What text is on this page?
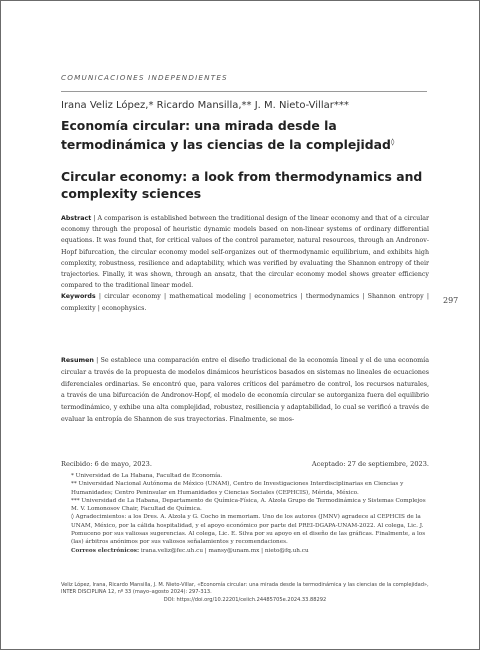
COMUNICACIONES INDEPENDIENTES
Irana Veliz López,* Ricardo Mansilla,** J. M. Nieto-Villar***
Economía circular: una mirada desde la termodinámica y las ciencias de la complejidad◊
Circular economy: a look from thermodynamics and complexity sciences
Abstract | A comparison is established between the traditional design of the linear economy and that of a circular economy through the proposal of heuristic dynamic models based on non-linear systems of ordinary differential equations. It was found that, for critical values of the control parameter, natural resources, through an Andronov-Hopf bifurcation, the circular economy model self-organizes out of thermodynamic equilibrium, and exhibits high complexity, robustness, resilience and adaptability, which was verified by evaluating the Shannon entropy of their trajectories. Finally, it was shown, through an ansatz, that the circular economy model shows greater efficiency compared to the traditional linear model.
Keywords | circular economy | mathematical modeling | econometrics | thermodynamics | Shannon entropy | complexity | econophysics.
297
Resumen | Se establece una comparación entre el diseño tradicional de la economía lineal y el de una economía circular a través de la propuesta de modelos dinámicos heurísticos basados en sistemas no lineales de ecuaciones diferenciales ordinarias. Se encontró que, para valores críticos del parámetro de control, los recursos naturales, a través de una bifurcación de Andronov-Hopf, el modelo de economía circular se autorganiza fuera del equilibrio termodinámico, y exhibe una alta complejidad, robustez, resiliencia y adaptabilidad, lo cual se verificó a través de evaluar la entropía de Shannon de sus trayectorias. Finalmente, se mos-
Recibido: 6 de mayo, 2023.	Aceptado: 27 de septiembre, 2023.

* Universidad de La Habana, Facultad de Economía.

** Universidad Nacional Autónoma de México (UNAM), Centro de Investigaciones Interdisciplinarias en Ciencias y Humanidades; Centro Peninsular en Humanidades y Ciencias Sociales (CEPHCIS), Mérida, México.

*** Universidad de La Habana, Departamento de Química-Física, A. Alzola Grupo de Termodinámica y Sistemas Complejos M. V. Lomonosov Chair, Facultad de Química.

◊ Agradecimientos: a los Dres. A. Alzola y G. Cocho in memoriam. Uno de los autores (JMNV) agradece al CEPHCIS de la UNAM, México, por la cálida hospitalidad, y el apoyo económico por parte del PREI-DGAPA-UNAM-2022. Al colega, Lic. J. Pomuceno por sus valiosas sugerencias. Al colega, Lic. E. Silva por su apoyo en el diseño de las gráficas. Finalmente, a los (las) árbitros anónimos por sus valiosos señalamientos y recomendaciones.

Correos electrónicos: irana.veliz@fec.uh.cu | mansy@unam.mx | nieto@fq.uh.cu

Veliz López, Irana, Ricardo Mansilla, J. M. Nieto-Villar, «Economía circular: una mirada desde la termodinámica y las ciencias de la complejidad», INTER DISCIPLINA 12, nº 33 (mayo–agosto 2024): 297-313.
DOI: https://doi.org/10.22201/ceiich.24485705e.2024.33.88292
